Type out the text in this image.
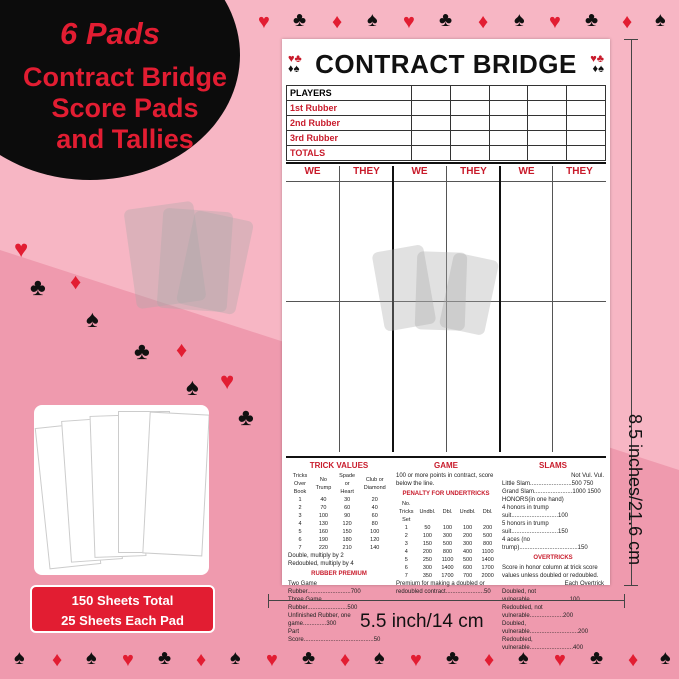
♥ ♣ ♦ ♠ ♥ ♣ ♦ ♠ ♥ ♣ ♦ ♠
♥
♣ ♦
♠
♣ ♦
♥
♠
♣
6 Pads
Contract Bridge
Score Pads
and Tallies
♥♣
♦♠ CONTRACT BRIDGE	♥♣
♦♠
PLAYERS					
1st Rubber					
2nd Rubber					
3rd Rubber					
TOTALS					
WE	THEY	WE	THEY	WE	THEY
TRICK VALUES
Tricks Over Book	No Trump	Spade or Heart	Club or Diamond
1	40	30	20
2	70	60	40
3	100	90	60
4	130	120	80
5	160	150	100
6	190	180	120
7	220	210	140
Double, multiply by 2
Redoubled, multiply by 4
RUBBER PREMIUM
Two Game Rubber..........................700
Rubber........................500
Unfinished Rubber, one game..............300
Part Score..........................................50
GAME
100 or more points in contract, score below the line.
PENALTY FOR UNDERTRICKS
No. Tricks Set	Undbl.	Dbl.	Undbl.	Dbl.
1	50	100	100	200
2	100	300	200	500
3	150	500	300	800
4	200	800	400	1100
5	250	1100	500	1400
6	300	1400	600	1700
7	350	1700	700	2000
Premium for making a doubled or redoubled contract.......................50
SLAMS
Not Vul. Vul.
Little Slam.........................500 750
Grand Slam.......................1000 1500
HONORS(in one hand)
4 honors in trump suit............................100
5 honors in trump suit............................150
4 aces (no trump)...................................150
OVERTRICKS
Score in honor column at trick score values unless doubled or redoubled.
Each Overtrick
Doubled, not
Redoubled, not vulnerable....................200
Doubled, vulnerable.............................200
Redoubled, vulnerable..........................400
8.5 inches/21.6 cm
5.5 inch/14 cm
150 Sheets Total
25 Sheets Each Pad
♠ ♦ ♠ ♥ ♣ ♦ ♠ ♥ ♣ ♦ ♠ ♥ ♣ ♦ ♠ ♥ ♣ ♦ ♠
